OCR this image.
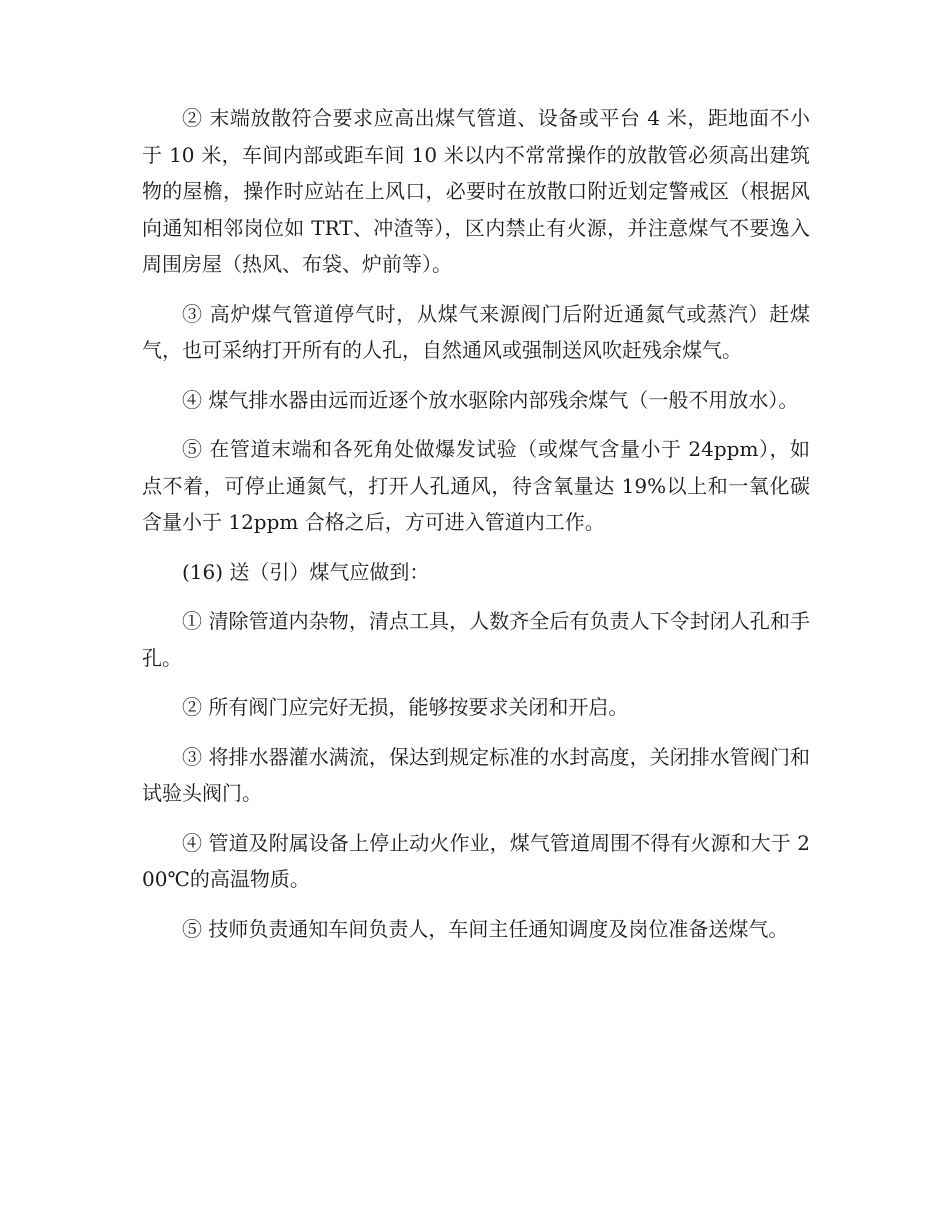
② 末端放散符合要求应高出煤气管道、设备或平台 4 米，距地面不小于 10 米，车间内部或距车间 10 米以内不常常操作的放散管必须高出建筑物的屋檐，操作时应站在上风口，必要时在放散口附近划定警戒区（根据风向通知相邻岗位如 TRT、冲渣等），区内禁止有火源，并注意煤气不要逸入周围房屋（热风、布袋、炉前等）。

③ 高炉煤气管道停气时，从煤气来源阀门后附近通氮气或蒸汽）赶煤气，也可采纳打开所有的人孔，自然通风或强制送风吹赶残余煤气。

④ 煤气排水器由远而近逐个放水驱除内部残余煤气（一般不用放水）。

⑤ 在管道末端和各死角处做爆发试验（或煤气含量小于 24ppm），如点不着，可停止通氮气，打开人孔通风，待含氧量达 19%以上和一氧化碳含量小于 12ppm 合格之后，方可进入管道内工作。

(16) 送（引）煤气应做到：

① 清除管道内杂物，清点工具，人数齐全后有负责人下令封闭人孔和手孔。

② 所有阀门应完好无损，能够按要求关闭和开启。

③ 将排水器灌水满流，保达到规定标准的水封高度，关闭排水管阀门和试验头阀门。

④ 管道及附属设备上停止动火作业，煤气管道周围不得有火源和大于 200℃的高温物质。

⑤ 技师负责通知车间负责人，车间主任通知调度及岗位准备送煤气。
